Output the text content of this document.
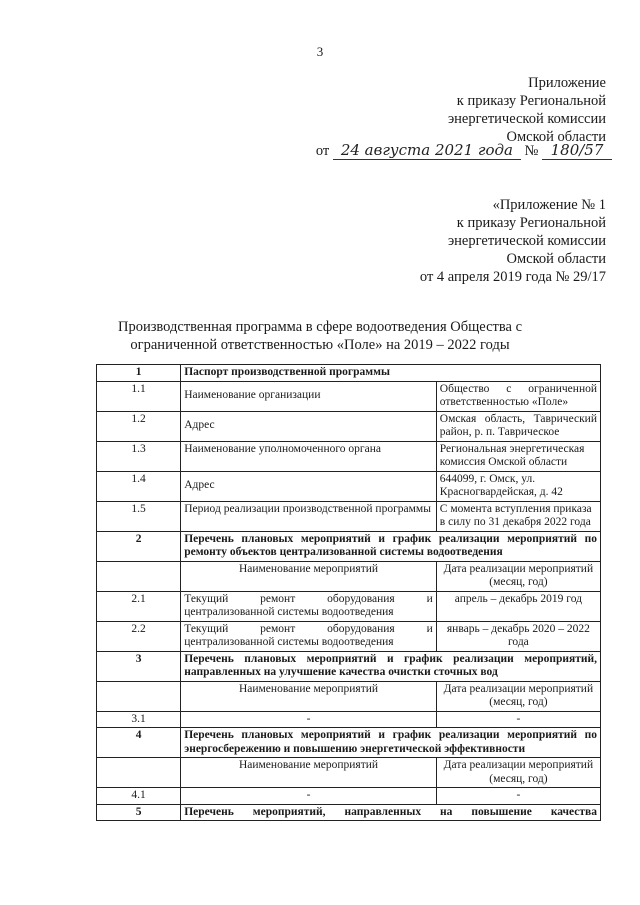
3
Приложение
к приказу Региональной
энергетической комиссии
Омской области
от 24 августа 2021 года № 180/57
«Приложение № 1
к приказу Региональной
энергетической комиссии
Омской области
от 4 апреля 2019 года № 29/17
Производственная программа в сфере водоотведения Общества с
ограниченной ответственностью «Поле» на 2019 – 2022 годы
1	Паспорт производственной программы	
1.1	Наименование организации	Общество с ограниченной ответственностью «Поле»
1.2	Адрес	Омская область, Таврический район, р. п. Таврическое
1.3	Наименование уполномоченного органа	Региональная энергетическая комиссия Омской области
1.4	Адрес	644099, г. Омск, ул. Красногвардейская, д. 42
1.5	Период реализации производственной программы	С момента вступления приказа в силу по 31 декабря 2022 года
2	Перечень плановых мероприятий и график реализации мероприятий по ремонту объектов централизованной системы водоотведения	
	Наименование мероприятий	Дата реализации мероприятий (месяц, год)
2.1	Текущий ремонт оборудования и централизованной системы водоотведения	апрель – декабрь 2019 год
2.2	Текущий ремонт оборудования и централизованной системы водоотведения	январь – декабрь 2020 – 2022 года
3	Перечень плановых мероприятий и график реализации мероприятий, направленных на улучшение качества очистки сточных вод	
	Наименование мероприятий	Дата реализации мероприятий (месяц, год)
3.1	-	-
4	Перечень плановых мероприятий и график реализации мероприятий по энергосбережению и повышению энергетической эффективности	
	Наименование мероприятий	Дата реализации мероприятий (месяц, год)
4.1	-	-
5	Перечень мероприятий, направленных на повышение качества	
